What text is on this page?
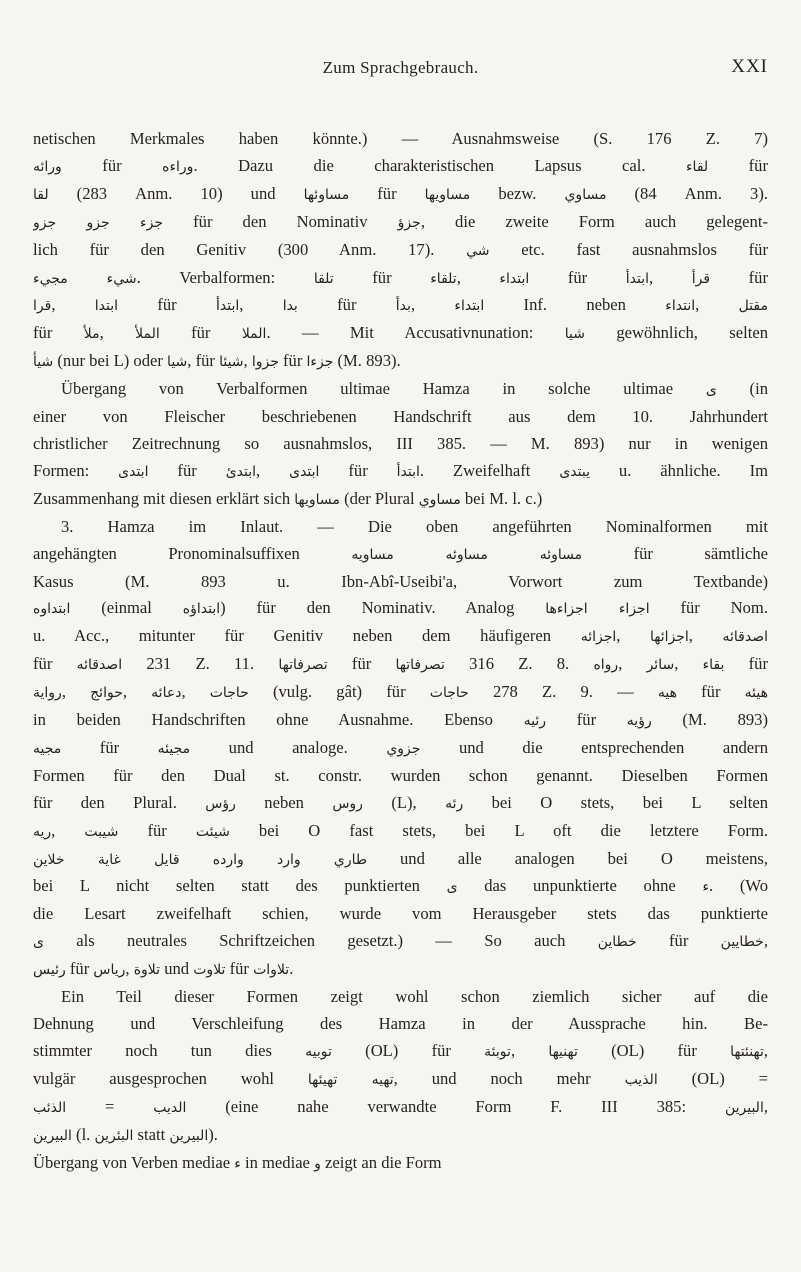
Zum Sprachgebrauch.	XXI
netischen Merkmales haben könnte.) — Ausnahmsweise (S. 176 Z. 7)
ورائه für وراءه. Dazu die charakteristischen Lapsus cal. لقاء für
لقا (283 Anm. 10) und مساوئها für مساويها bezw. مساوي (84 Anm. 3).
جزء جزو جزو für den Nominativ جزؤ, die zweite Form auch gelegent-
lich für den Genitiv (300 Anm. 17). شي etc. fast ausnahmslos für
شيء مجيء. Verbalformen: تلقا für تلقاء, ابتداء für ابتدأ, قرأ für
قرا, ابتدا für ابتدأ, بدا für بدأ, ابتداء Inf. neben انتداء, مقتل
für ملأ, الملأ für الملا. — Mit Accusativnunation: شيا gewöhnlich, selten
شيأ (nur bei L) oder شيا, für شيئا, جزوا für جزءا (M. 893).
Übergang von Verbalformen ultimae Hamza in solche ultimae ى (in
einer von Fleischer beschriebenen Handschrift aus dem 10. Jahrhundert
christlicher Zeitrechnung so ausnahmslos, III 385. — M. 893) nur in wenigen
Formen: ابتدى für ابتدئ, ابتدى für ابتدأ. Zweifelhaft يبتدى u. ähnliche. Im
Zusammenhang mit diesen erklärt sich مساويها (der Plural مساوي bei M. l. c.)
3. Hamza im Inlaut. — Die oben angeführten Nominalformen mit
angehängten Pronominalsuffixen مساوئه مساوئه مساويه für sämtliche
Kasus (M. 893 u. Ibn-Abî-Useibi'a, Vorwort zum Textbande)
ابتداوه (einmal ابتداؤه) für den Nominativ. Analog اجزاء اجزاءها für Nom.
u. Acc., mitunter für Genitiv neben dem häufigeren اجزائه, اجزائها, اصدقائه
für اصدقائه 231 Z. 11. تصرفاتها für تصرفاتها 316 Z. 8. رواه, سائر, بقاء für
رواية, حوائج, دعائه, حاجات (vulg. gât) für حاجات 278 Z. 9. — هيه für هيئه
in beiden Handschriften ohne Ausnahme. Ebenso رئيه für رؤيه (M. 893)
مجيه für مجيئه und analoge. جزوي und die entsprechenden andern
Formen für den Dual st. constr. wurden schon genannt. Dieselben Formen
für den Plural. رؤس neben روس (L), رئه bei O stets, bei L selten
ريه, شيبت für شيئت bei O fast stets, bei L oft die letztere Form.
طاري وارد وارده قايل غاية خلاين und alle analogen bei O meistens,
bei L nicht selten statt des punktierten ى das unpunktierte ohne ء. (Wo
die Lesart zweifelhaft schien, wurde vom Herausgeber stets das punktierte
ى als neutrales Schriftzeichen gesetzt.) — So auch خطاين für خطايين,
رئيس für رياس, تلاوة und تلاوت für تلاوات.
Ein Teil dieser Formen zeigt wohl schon ziemlich sicher auf die
Dehnung und Verschleifung des Hamza in der Aussprache hin. Be-
stimmter noch tun dies توبيه (OL) für توبئة, تهنيها (OL) für تهنئتها,
vulgär ausgesprochen wohl تهيه تهيئها, und noch mehr الذيب (OL) =
الذئب = الديب (eine nahe verwandte Form F. III 385: البيرين,
البيرين (l. البئرين statt البيرين).
Übergang von Verben mediae ء in mediae و zeigt an die Form
